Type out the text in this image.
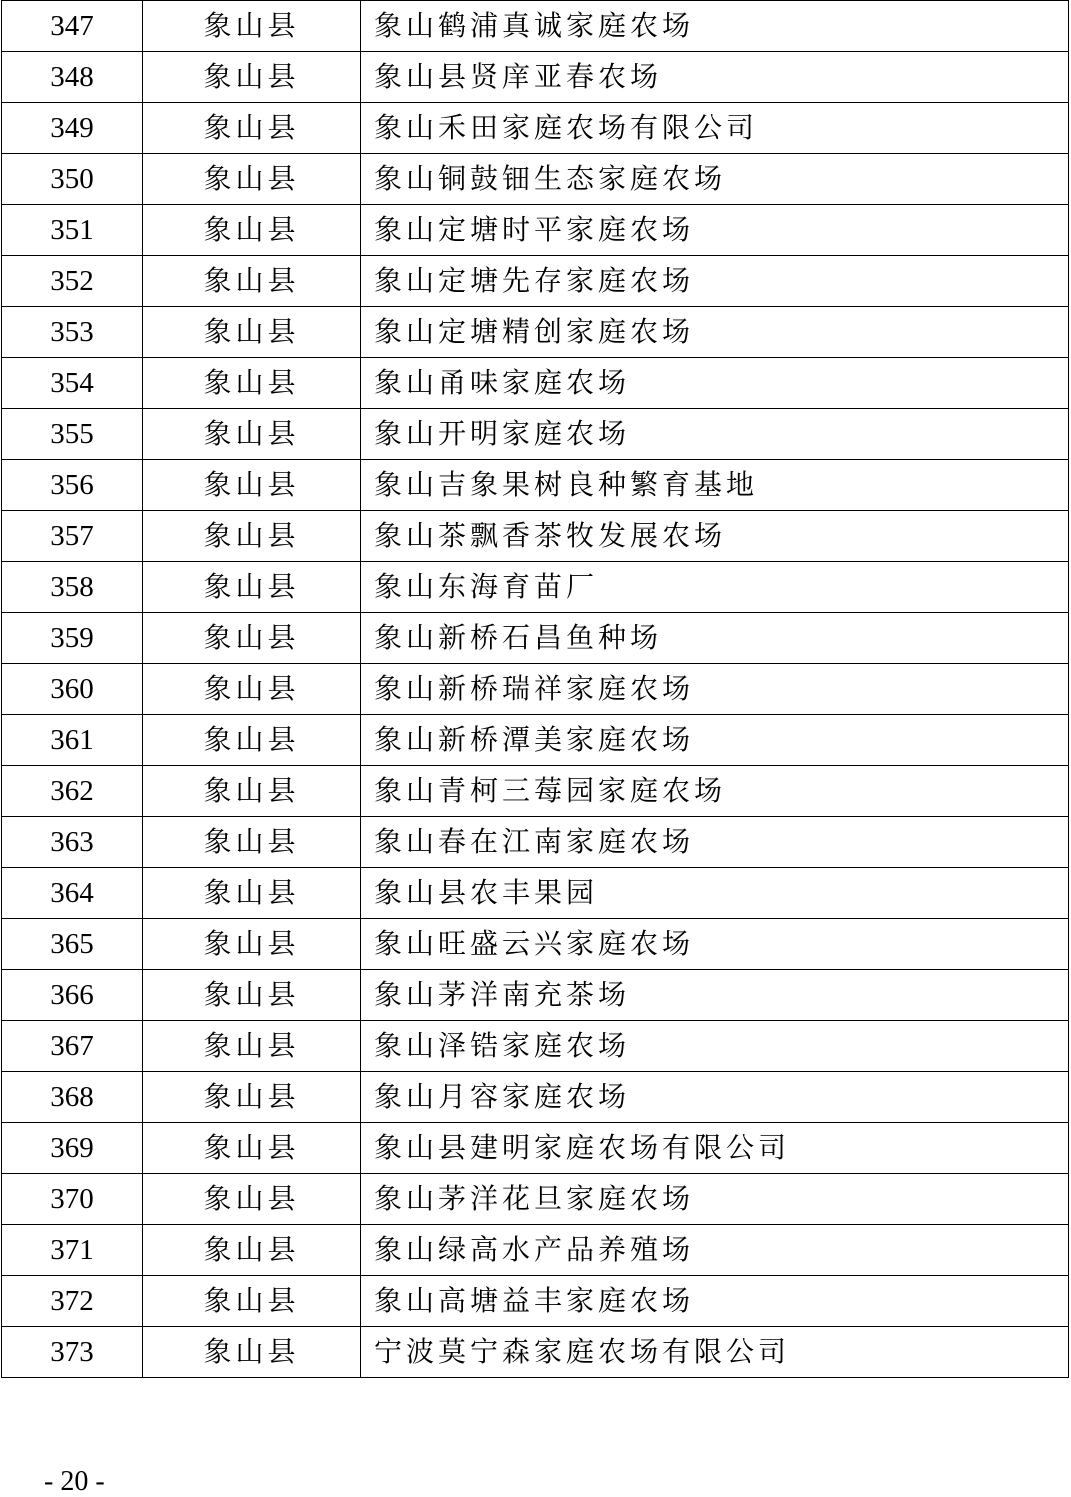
347	象山县	象山鹤浦真诚家庭农场
348	象山县	象山县贤庠亚春农场
349	象山县	象山禾田家庭农场有限公司
350	象山县	象山铜鼓钿生态家庭农场
351	象山县	象山定塘时平家庭农场
352	象山县	象山定塘先存家庭农场
353	象山县	象山定塘精创家庭农场
354	象山县	象山甬味家庭农场
355	象山县	象山开明家庭农场
356	象山县	象山吉象果树良种繁育基地
357	象山县	象山茶飘香茶牧发展农场
358	象山县	象山东海育苗厂
359	象山县	象山新桥石昌鱼种场
360	象山县	象山新桥瑞祥家庭农场
361	象山县	象山新桥潭美家庭农场
362	象山县	象山青柯三莓园家庭农场
363	象山县	象山春在江南家庭农场
364	象山县	象山县农丰果园
365	象山县	象山旺盛云兴家庭农场
366	象山县	象山茅洋南充茶场
367	象山县	象山泽锆家庭农场
368	象山县	象山月容家庭农场
369	象山县	象山县建明家庭农场有限公司
370	象山县	象山茅洋花旦家庭农场
371	象山县	象山绿高水产品养殖场
372	象山县	象山高塘益丰家庭农场
373	象山县	宁波莫宁森家庭农场有限公司
- 20 -
